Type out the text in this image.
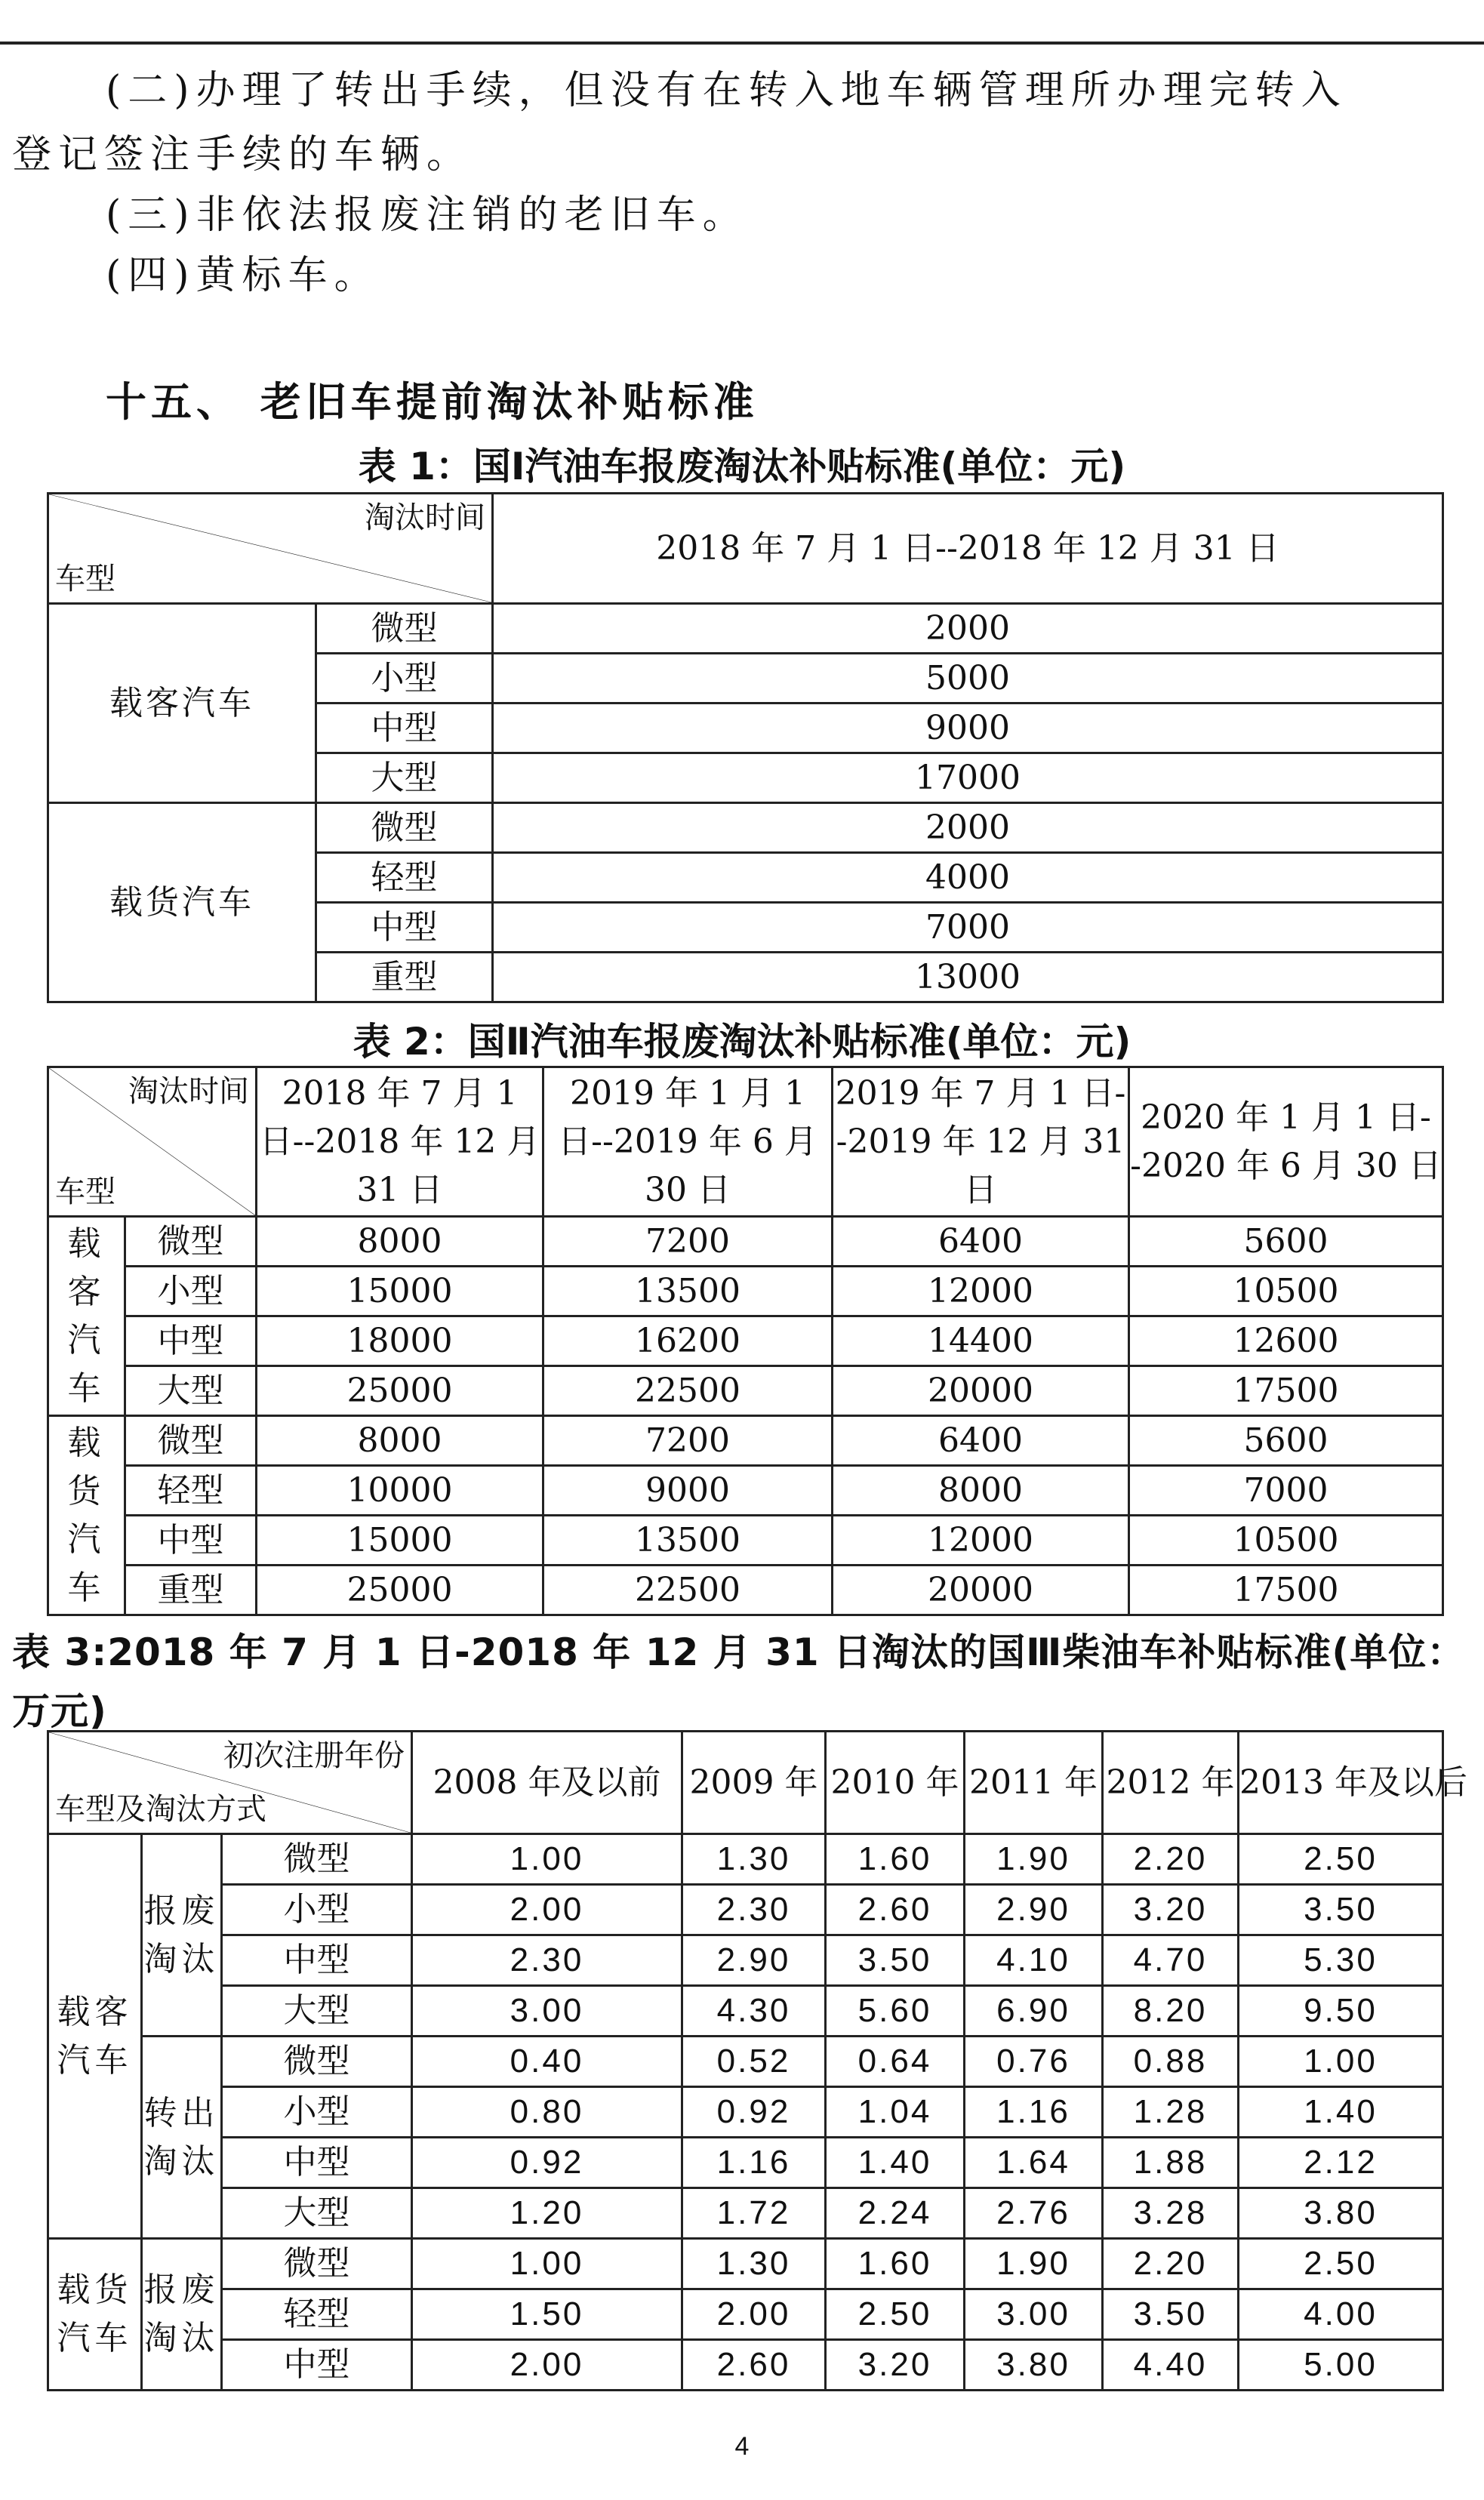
(二)办理了转出手续，但没有在转入地车辆管理所办理完转入
登记签注手续的车辆。
(三)非依法报废注销的老旧车。
(四)黄标车。
十五、 老旧车提前淘汰补贴标准
表 1：国Ⅰ汽油车报废淘汰补贴标准(单位：元)
淘汰时间
车型		2018 年 7 月 1 日--2018 年 12 月 31 日
载客汽车	微型	2000
	小型	5000
	中型	9000
	大型	17000
载货汽车	微型	2000
	轻型	4000
	中型	7000
	重型	13000
表 2：国Ⅱ汽油车报废淘汰补贴标准(单位：元)
淘汰时间
车型		2018 年 7 月 1 日--2018 年 12 月 31 日	2019 年 1 月 1 日--2019 年 6 月 30 日	2019 年 7 月 1 日--2019 年 12 月 31 日	2020 年 1 月 1 日--2020 年 6 月 30 日
载客汽车	微型	8000	7200	6400	5600
	小型	15000	13500	12000	10500
	中型	18000	16200	14400	12600
	大型	25000	22500	20000	17500
载货汽车	微型	8000	7200	6400	5600
	轻型	10000	9000	8000	7000
	中型	15000	13500	12000	10500
	重型	25000	22500	20000	17500
表 3:2018 年 7 月 1 日-2018 年 12 月 31 日淘汰的国Ⅲ柴油车补贴标准(单位：万元)
初次注册年份
车型及淘汰方式			2008 年及以前	2009 年	2010 年	2011 年	2012 年	2013 年及以后
载客汽车	报废淘汰	微型	1.00	1.30	1.60	1.90	2.20	2.50
		小型	2.00	2.30	2.60	2.90	3.20	3.50
		中型	2.30	2.90	3.50	4.10	4.70	5.30
		大型	3.00	4.30	5.60	6.90	8.20	9.50
	转出淘汰	微型	0.40	0.52	0.64	0.76	0.88	1.00
		小型	0.80	0.92	1.04	1.16	1.28	1.40
		中型	0.92	1.16	1.40	1.64	1.88	2.12
		大型	1.20	1.72	2.24	2.76	3.28	3.80
载货汽车	报废淘汰	微型	1.00	1.30	1.60	1.90	2.20	2.50
		轻型	1.50	2.00	2.50	3.00	3.50	4.00
		中型	2.00	2.60	3.20	3.80	4.40	5.00
4
